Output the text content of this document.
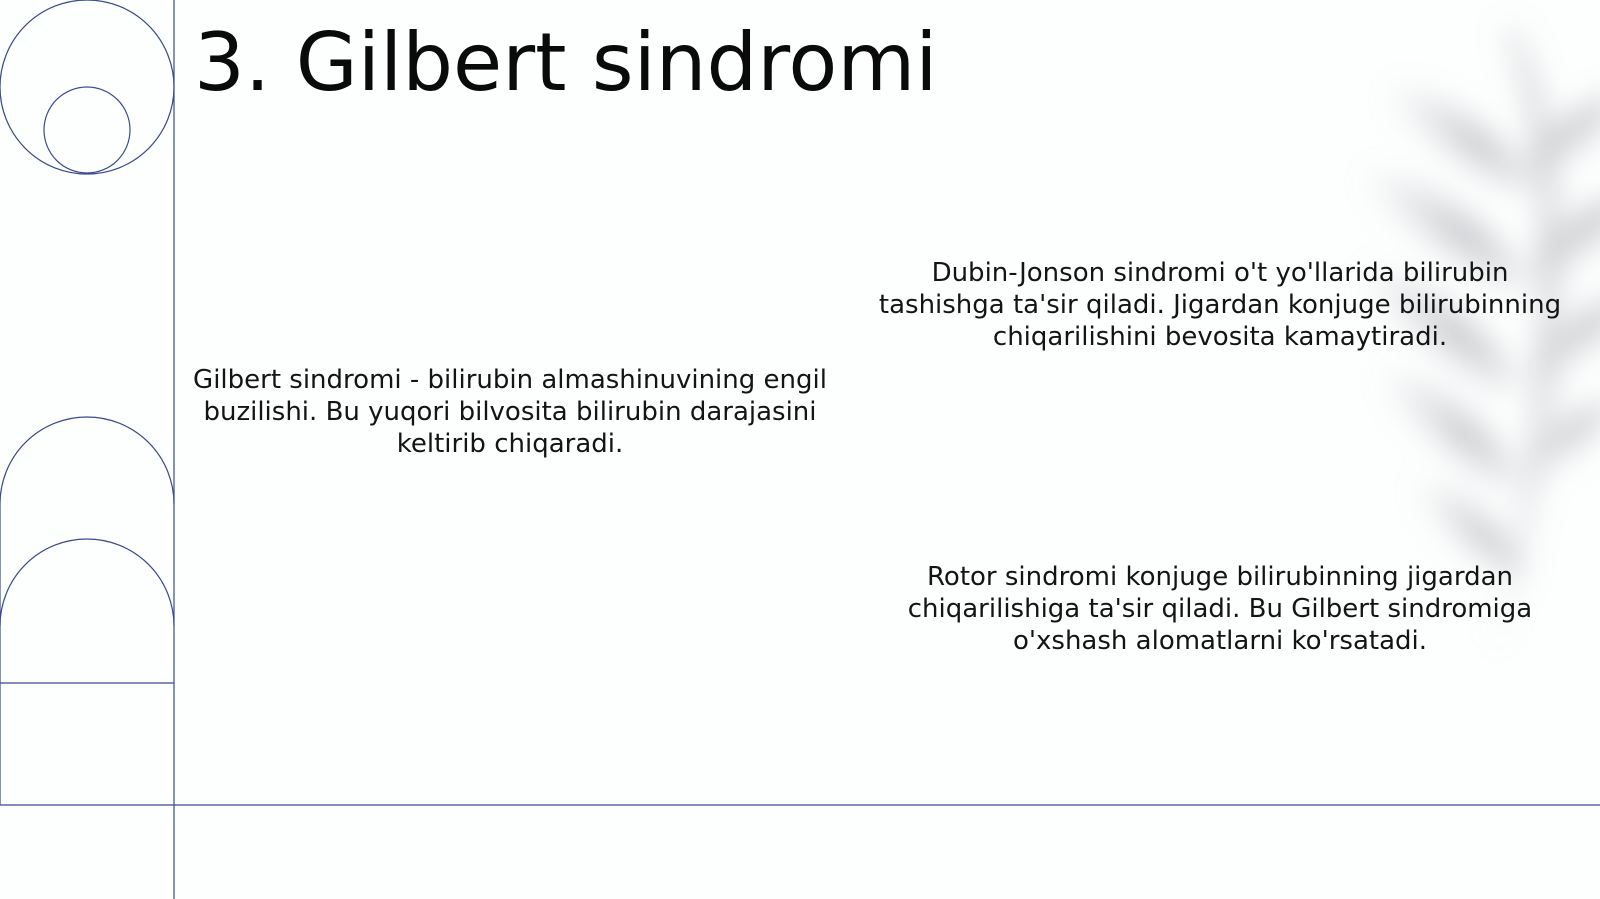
3. Gilbert sindromi

Gilbert sindromi - bilirubin almashinuvining engil buzilishi. Bu yuqori bilvosita bilirubin darajasini keltirib chiqaradi.

Dubin-Jonson sindromi o't yo'llarida bilirubin tashishga ta'sir qiladi. Jigardan konjuge bilirubinning chiqarilishini bevosita kamaytiradi.

Rotor sindromi konjuge bilirubinning jigardan chiqarilishiga ta'sir qiladi. Bu Gilbert sindromiga o'xshash alomatlarni ko'rsatadi.
